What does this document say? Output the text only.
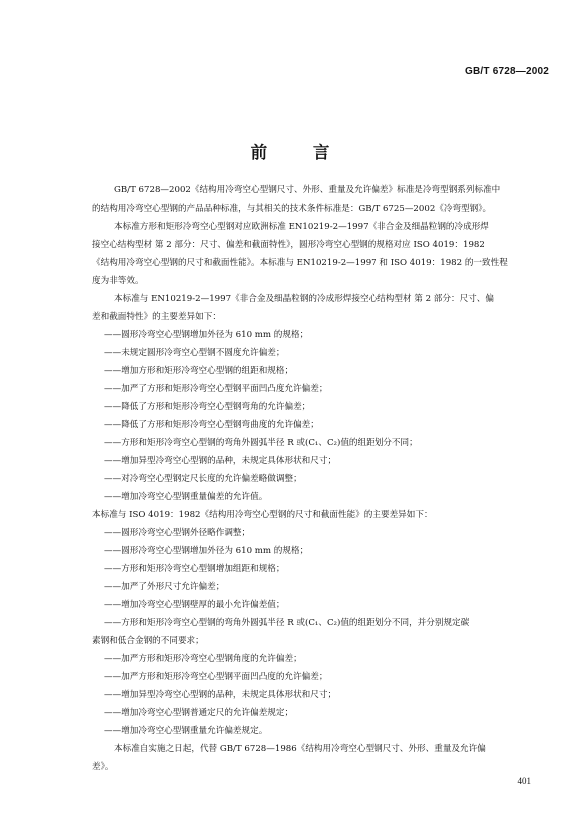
GB/T 6728—2002
前 言
GB/T 6728—2002《结构用冷弯空心型钢尺寸、外形、重量及允许偏差》标准是冷弯型钢系列标准中
的结构用冷弯空心型钢的产品品种标准，与其相关的技术条件标准是：GB/T 6725—2002《冷弯型钢》。
本标准方形和矩形冷弯空心型钢对应欧洲标准 EN10219-2—1997《非合金及细晶粒钢的冷成形焊
接空心结构型材 第 2 部分：尺寸、偏差和截面特性》，圆形冷弯空心型钢的规格对应 ISO 4019：1982
《结构用冷弯空心型钢的尺寸和截面性能》。本标准与 EN10219-2—1997 和 ISO 4019：1982 的一致性程
度为非等效。
本标准与 EN10219-2—1997《非合金及细晶粒钢的冷成形焊接空心结构型材 第 2 部分：尺寸、偏
差和截面特性》的主要差异如下：
——圆形冷弯空心型钢增加外径为 610 mm 的规格；
——未规定圆形冷弯空心型钢不圆度允许偏差；
——增加方形和矩形冷弯空心型钢的组距和规格；
——加严了方形和矩形冷弯空心型钢平面凹凸度允许偏差；
——降低了方形和矩形冷弯空心型钢弯角的允许偏差；
——降低了方形和矩形冷弯空心型钢弯曲度的允许偏差；
——方形和矩形冷弯空心型钢的弯角外圆弧半径 R 或(C₁、C₂)值的组距划分不同；
——增加异型冷弯空心型钢的品种，未规定具体形状和尺寸；
——对冷弯空心型钢定尺长度的允许偏差略做调整；
——增加冷弯空心型钢重量偏差的允许值。
本标准与 ISO 4019：1982《结构用冷弯空心型钢的尺寸和截面性能》的主要差异如下：
——圆形冷弯空心型钢外径略作调整；
——圆形冷弯空心型钢增加外径为 610 mm 的规格；
——方形和矩形冷弯空心型钢增加组距和规格；
——加严了外形尺寸允许偏差；
——增加冷弯空心型钢壁厚的最小允许偏差值；
——方形和矩形冷弯空心型钢的弯角外圆弧半径 R 或(C₁、C₂)值的组距划分不同，并分别规定碳
素钢和低合金钢的不同要求；
——加严方形和矩形冷弯空心型钢角度的允许偏差；
——加严方形和矩形冷弯空心型钢平面凹凸度的允许偏差；
——增加异型冷弯空心型钢的品种，未规定具体形状和尺寸；
——增加冷弯空心型钢普通定尺的允许偏差规定；
——增加冷弯空心型钢重量允许偏差规定。
本标准自实施之日起，代替 GB/T 6728—1986《结构用冷弯空心型钢尺寸、外形、重量及允许偏
差》。
401
